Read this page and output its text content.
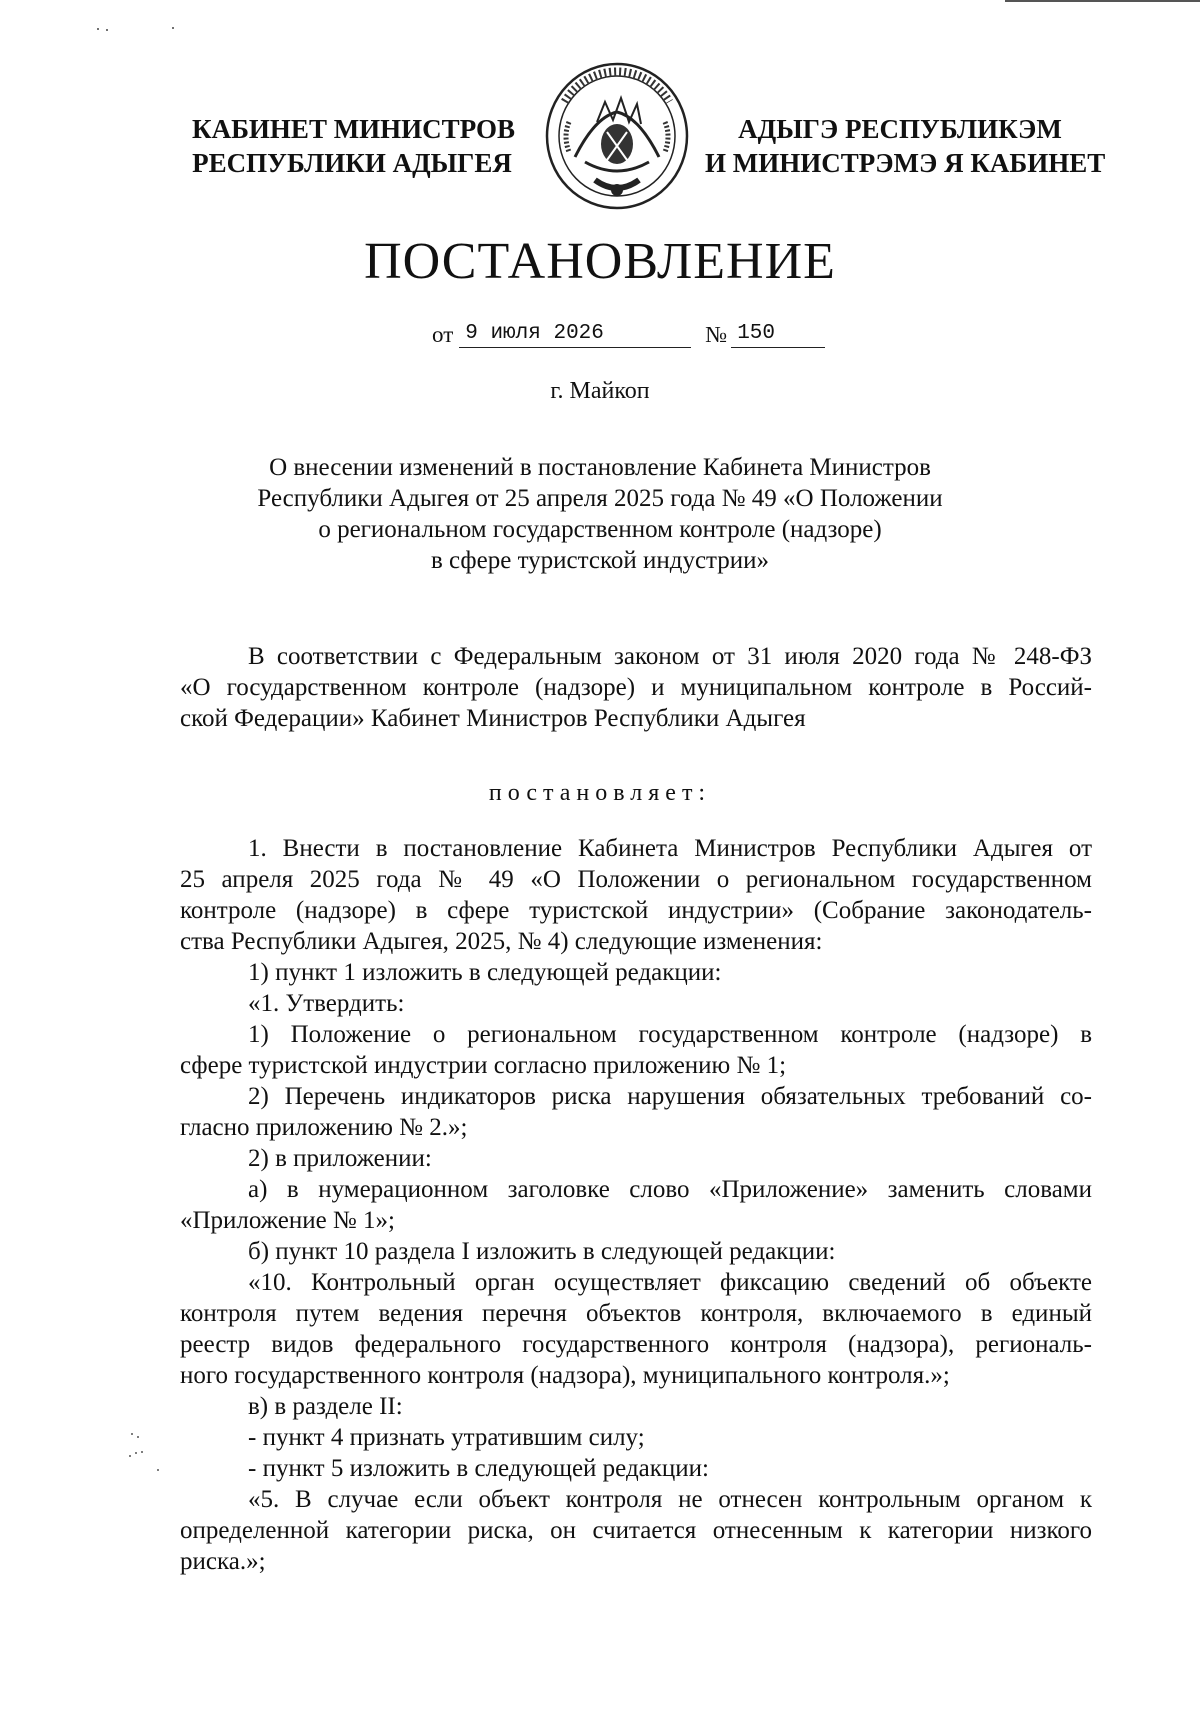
КАБИНЕТ МИНИСТРОВ
РЕСПУБЛИКИ АДЫГЕЯ
АДЫГЭ РЕСПУБЛИКЭМ
И МИНИСТРЭМЭ Я КАБИНЕТ
ПОСТАНОВЛЕНИЕ
от 9 июля 2026	№ 150
г. Майкоп
О внесении изменений в постановление Кабинета Министров
Республики Адыгея от 25 апреля 2025 года № 49 «О Положении
о региональном государственном контроле (надзоре)
в сфере туристской индустрии»
В соответствии с Федеральным законом от 31 июля 2020 года № 248-ФЗ
«О государственном контроле (надзоре) и муниципальном контроле в Россий-
ской Федерации» Кабинет Министров Республики Адыгея
постановляет:
1. Внести в постановление Кабинета Министров Республики Адыгея от
25 апреля 2025 года № 49 «О Положении о региональном государственном
контроле (надзоре) в сфере туристской индустрии» (Собрание законодатель-
ства Республики Адыгея, 2025, № 4) следующие изменения:
1) пункт 1 изложить в следующей редакции:
«1. Утвердить:
1) Положение о региональном государственном контроле (надзоре) в
сфере туристской индустрии согласно приложению № 1;
2) Перечень индикаторов риска нарушения обязательных требований со-
гласно приложению № 2.»;
2) в приложении:
а) в нумерационном заголовке слово «Приложение» заменить словами
«Приложение № 1»;
б) пункт 10 раздела I изложить в следующей редакции:
«10. Контрольный орган осуществляет фиксацию сведений об объекте
контроля путем ведения перечня объектов контроля, включаемого в единый
реестр видов федерального государственного контроля (надзора), региональ-
ного государственного контроля (надзора), муниципального контроля.»;
в) в разделе II:
- пункт 4 признать утратившим силу;
- пункт 5 изложить в следующей редакции:
«5. В случае если объект контроля не отнесен контрольным органом к
определенной категории риска, он считается отнесенным к категории низкого
риска.»;
